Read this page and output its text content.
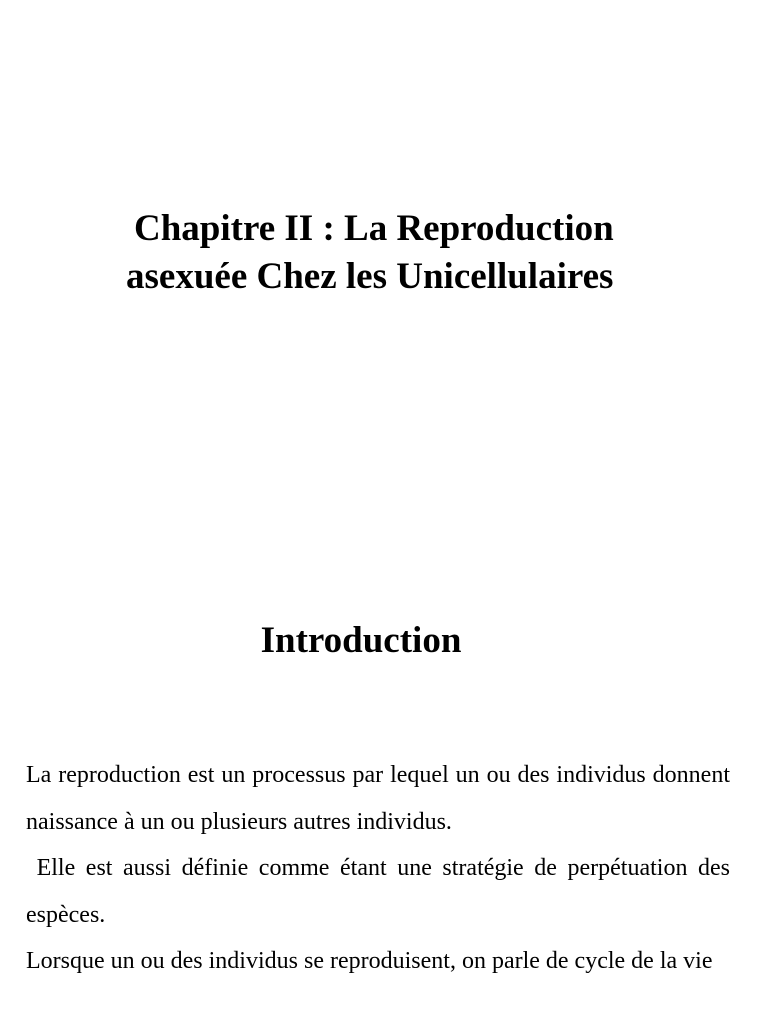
Chapitre II : La Reproduction
asexuée Chez les Unicellulaires
Introduction
La reproduction est un processus par lequel un ou des individus donnent naissance à un ou plusieurs autres individus.
Elle est aussi définie comme étant une stratégie de perpétuation des espèces.
Lorsque un ou des individus se reproduisent, on parle de cycle de la vie
